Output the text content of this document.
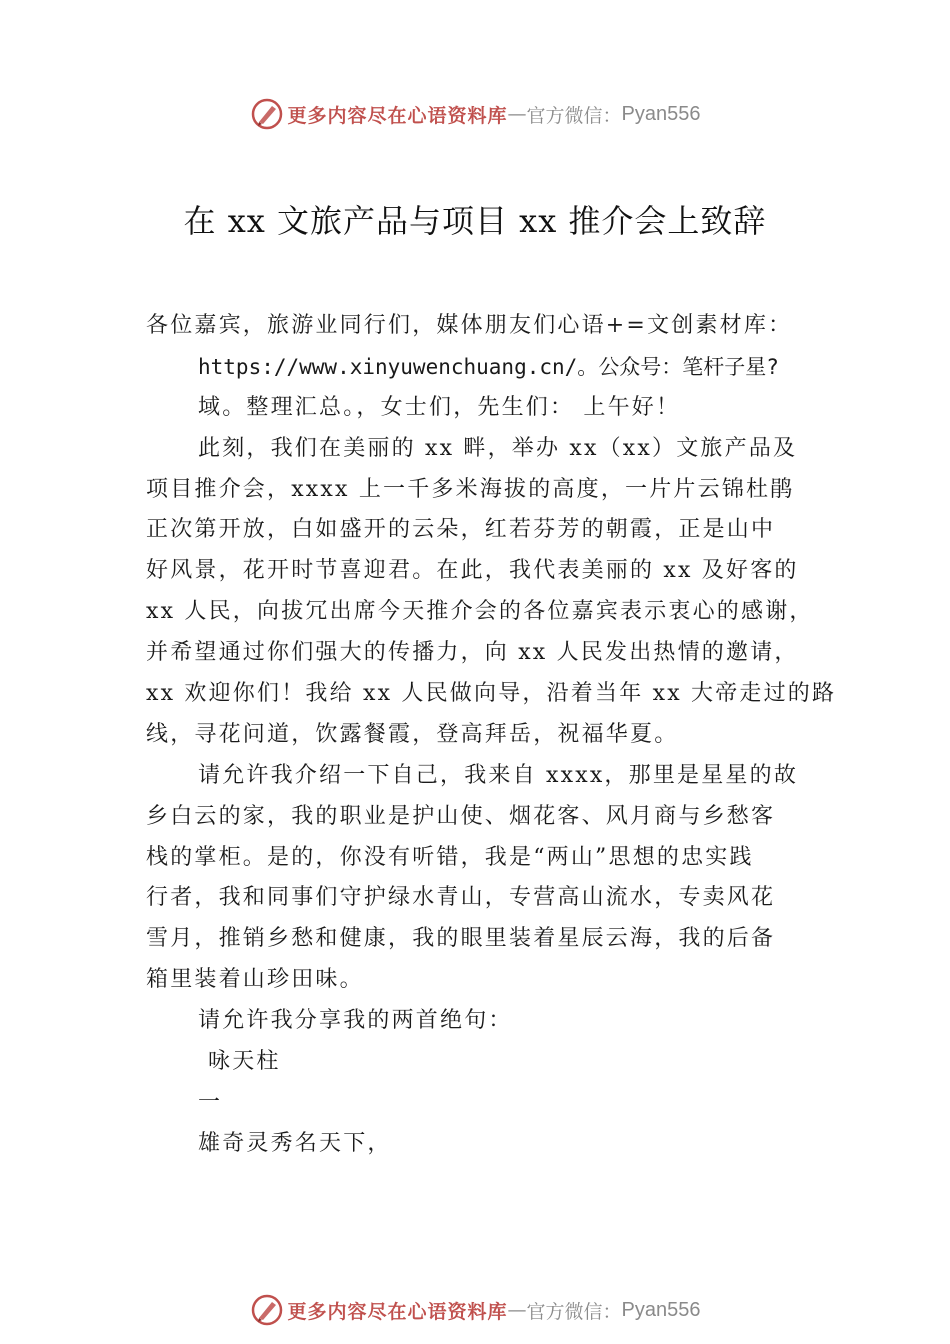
更多内容尽在心语资料库 — 官方微信： Pyan556
在 xx 文旅产品与项目 xx 推介会上致辞
各位嘉宾，旅游业同行们，媒体朋友们心语+=文创素材库：
https://www.xinyuwenchuang.cn/。公众号：笔杆子星?
域。整理汇总。，女士们，先生们： 上午好！
此刻，我们在美丽的 xx 畔，举办 xx（xx）文旅产品及
项目推介会，xxxx 上一千多米海拔的高度，一片片云锦杜鹃
正次第开放，白如盛开的云朵，红若芬芳的朝霞，正是山中
好风景，花开时节喜迎君。在此，我代表美丽的 xx 及好客的
xx 人民，向拔冗出席今天推介会的各位嘉宾表示衷心的感谢，
并希望通过你们强大的传播力，向 xx 人民发出热情的邀请，
xx 欢迎你们！我给 xx 人民做向导，沿着当年 xx 大帝走过的路
线，寻花问道，饮露餐霞，登高拜岳，祝福华夏。
请允许我介绍一下自己，我来自 xxxx，那里是星星的故
乡白云的家，我的职业是护山使、烟花客、风月商与乡愁客
栈的掌柜。是的，你没有听错，我是“两山”思想的忠实践
行者，我和同事们守护绿水青山，专营高山流水，专卖风花
雪月，推销乡愁和健康，我的眼里装着星辰云海，我的后备
箱里装着山珍田味。
请允许我分享我的两首绝句：
咏天柱
一
雄奇灵秀名天下，
更多内容尽在心语资料库 — 官方微信： Pyan556
